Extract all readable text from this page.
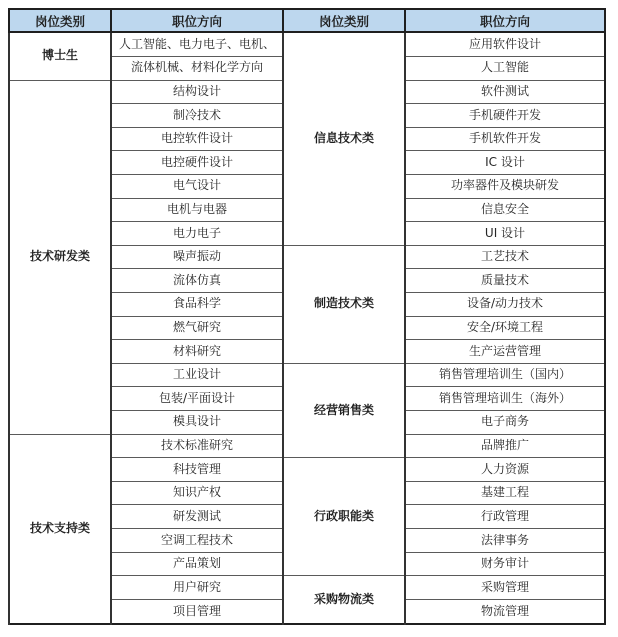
岗位类别	职位方向	岗位类别	职位方向
博士生	人工智能、电力电子、电机、	信息技术类	应用软件设计
	流体机械、材料化学方向		人工智能
技术研发类	结构设计		软件测试
	制冷技术		手机硬件开发
	电控软件设计		手机软件开发
	电控硬件设计		IC 设计
	电气设计		功率器件及模块研发
	电机与电器		信息安全
	电力电子		UI 设计
	噪声振动	制造技术类	工艺技术
	流体仿真		质量技术
	食品科学		设备/动力技术
	燃气研究		安全/环境工程
	材料研究		生产运营管理
	工业设计	经营销售类	销售管理培训生（国内）
	包装/平面设计		销售管理培训生（海外）
	模具设计		电子商务
技术支持类	技术标准研究		品牌推广
	科技管理	行政职能类	人力资源
	知识产权		基建工程
	研发测试		行政管理
	空调工程技术		法律事务
	产品策划		财务审计
	用户研究	采购物流类	采购管理
	项目管理		物流管理
